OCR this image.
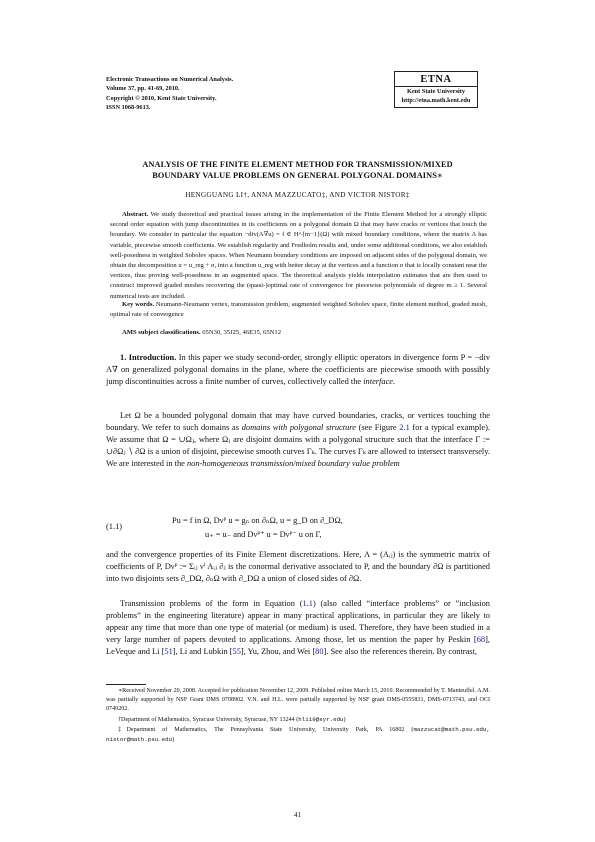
Electronic Transactions on Numerical Analysis.
Volume 37, pp. 41-69, 2010.
Copyright © 2010, Kent State University.
ISSN 1068-9613.
ETNA
Kent State University
http://etna.math.kent.edu
ANALYSIS OF THE FINITE ELEMENT METHOD FOR TRANSMISSION/MIXED
BOUNDARY VALUE PROBLEMS ON GENERAL POLYGONAL DOMAINS∗
HENGGUANG LI†, ANNA MAZZUCATO‡, AND VICTOR NISTOR‡
Abstract. We study theoretical and practical issues arising in the implementation of the Finite Element Method for a strongly elliptic second order equation with jump discontinuities in its coefficients on a polygonal domain Ω that may have cracks or vertices that touch the boundary. We consider in particular the equation −div(A∇u) = f ∈ H^{m−1}(Ω) with mixed boundary conditions, where the matrix A has variable, piecewise smooth coefficients. We establish regularity and Fredholm results and, under some additional conditions, we also establish well-posedness in weighted Sobolev spaces. When Neumann boundary conditions are imposed on adjacent sides of the polygonal domain, we obtain the decomposition u = u_reg + σ, into a function u_reg with better decay at the vertices and a function σ that is locally constant near the vertices, thus proving well-posedness in an augmented space. The theoretical analysis yields interpolation estimates that are then used to construct improved graded meshes recovering the (quasi-)optimal rate of convergence for piecewise polynomials of degree m ≥ 1. Several numerical tests are included.
Key words. Neumann-Neumann vertex, transmission problem, augmented weighted Sobolev space, finite element method, graded mesh, optimal rate of convergence
AMS subject classifications. 65N30, 35J25, 46E35, 65N12
1. Introduction. In this paper we study second-order, strongly elliptic operators in divergence form P = −div A∇ on generalized polygonal domains in the plane, where the coefficients are piecewise smooth with possibly jump discontinuities across a finite number of curves, collectively called the interface.
Let Ω be a bounded polygonal domain that may have curved boundaries, cracks, or vertices touching the boundary. We refer to such domains as domains with polygonal structure (see Figure 2.1 for a typical example). We assume that Ω = ∪Ωⱼ, where Ωⱼ are disjoint domains with a polygonal structure such that the interface Γ := ∪∂Ωⱼ ∖ ∂Ω is a union of disjoint, piecewise smooth curves Γₖ. The curves Γₖ are allowed to intersect transversely. We are interested in the non-homogeneous transmission/mixed boundary value problem
(1.1)
Pu = f in Ω, Dνᴾ u = gₙ on ∂ₙΩ, u = g_D on ∂_DΩ,
u₊ = u₋ and Dνᴾ⁺ u = Dνᴾ⁻ u on Γ,
and the convergence properties of its Finite Element discretizations. Here, A = (Aᵢⱼ) is the symmetric matrix of coefficients of P, Dνᴾ := Σᵢⱼ νⁱ Aᵢⱼ ∂ⱼ is the conormal derivative associated to P, and the boundary ∂Ω is partitioned into two disjoints sets ∂_DΩ, ∂ₙΩ with ∂_DΩ a union of closed sides of ∂Ω.
Transmission problems of the form in Equation (1.1) (also called “interface problems” or ”inclusion problems” in the engineering literature) appear in many practical applications, in particular they are likely to appear any time that more than one type of material (or medium) is used. Therefore, they have been studied in a very large number of papers devoted to applications. Among those, let us mention the paper by Peskin [68], LeVeque and Li [51], Li and Lubkin [55], Yu, Zhou, and Wei [80]. See also the references therein. By contrast,

∗Received November 20, 2008. Accepted for publication November 12, 2009. Published online March 15, 2010. Recommended by T. Manteuffel. A.M. was partially supported by NSF Grant DMS 0708902. V.N. and H.L. were partially supported by NSF grant DMS-0555831, DMS-0713743, and OCI 0749202.

†Department of Mathematics, Syracuse University, Syracuse, NY 13244 (hli19@syr.edu)

‡Department of Mathematics, The Pennsylvania State University, University Park, PA 16802 (mazzucat@math.psu.edu, nistor@math.psu.edu)

41
